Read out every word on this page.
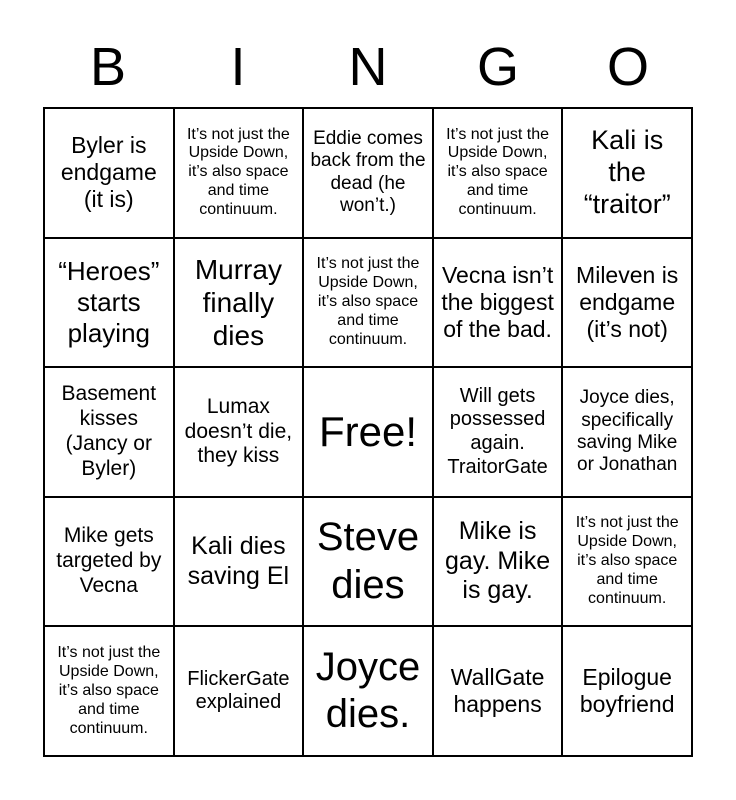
B	I	N	G	O
Byler is endgame (it is)
It’s not just the Upside Down, it’s also space and time continuum.
Eddie comes back from the dead (he won’t.)
It’s not just the Upside Down, it’s also space and time continuum.
Kali is the “traitor”
“Heroes” starts playing
Murray finally dies
It’s not just the Upside Down, it’s also space and time continuum.
Vecna isn’t the biggest of the bad.
Mileven is endgame (it’s not)
Basement kisses (Jancy or Byler)
Lumax doesn’t die, they kiss
Free!
Will gets possessed again. TraitorGate
Joyce dies, specifically saving Mike or Jonathan
Mike gets targeted by Vecna
Kali dies saving El
Steve dies
Mike is gay. Mike is gay.
It’s not just the Upside Down, it’s also space and time continuum.
It’s not just the Upside Down, it’s also space and time continuum.
FlickerGate explained
Joyce dies.
WallGate happens
Epilogue boyfriend
